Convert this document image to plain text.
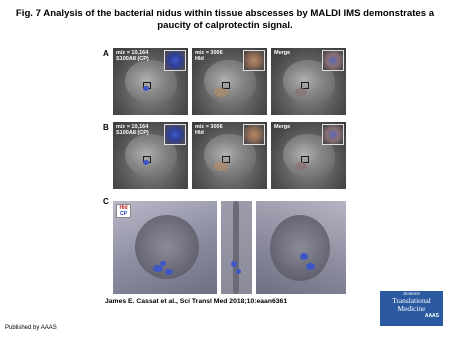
Fig. 7 Analysis of the bacterial nidus within tissue abscesses by MALDI IMS demonstrates a
paucity of calprotectin signal.
A m/z = 10,164
S100A8 (CP)
m/z = 3006
Hld
Merge
B m/z = 10,164
S100A8 (CP)
m/z = 3006
Hld
Merge
C
Hld
CP
James E. Cassat et al., Sci Transl Med 2018;10:eaan6361
Science
Translational
Medicine
AAAS
Published by AAAS
